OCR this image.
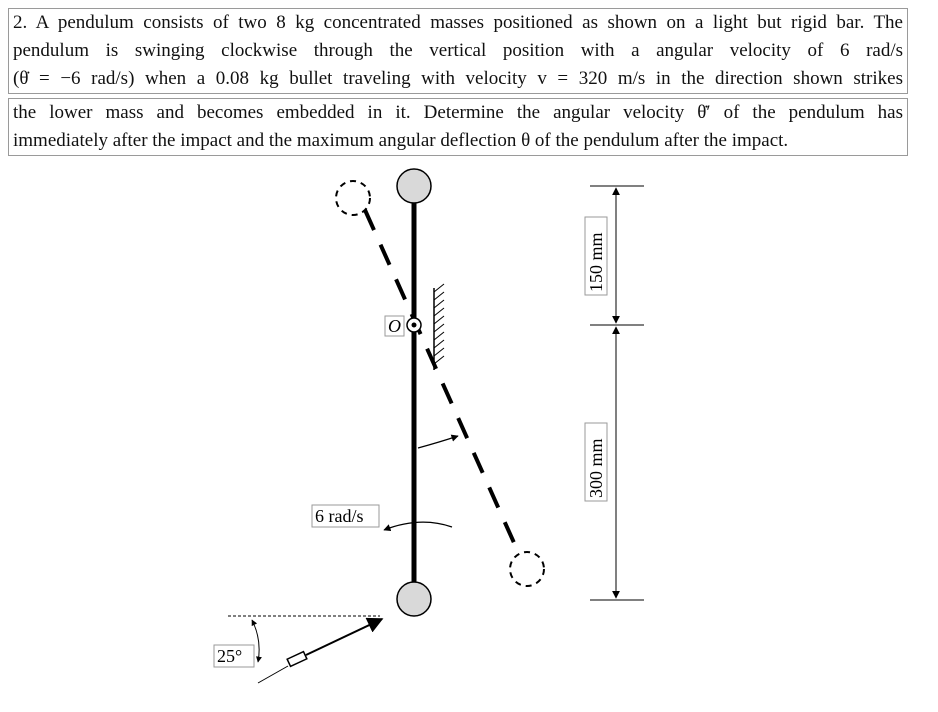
2. A pendulum consists of two 8 kg concentrated masses positioned as shown on a light but rigid bar. The
pendulum is swinging clockwise through the vertical position with a angular velocity of 6 rad/s
(θ̇ = −6 rad/s) when a 0.08 kg bullet traveling with velocity v = 320 m/s in the direction shown strikes
the lower mass and becomes embedded in it. Determine the angular velocity θ̇′ of the pendulum has
immediately after the impact and the maximum angular deflection θ of the pendulum after the impact.
O
6 rad/s
25°
150 mm
300 mm
